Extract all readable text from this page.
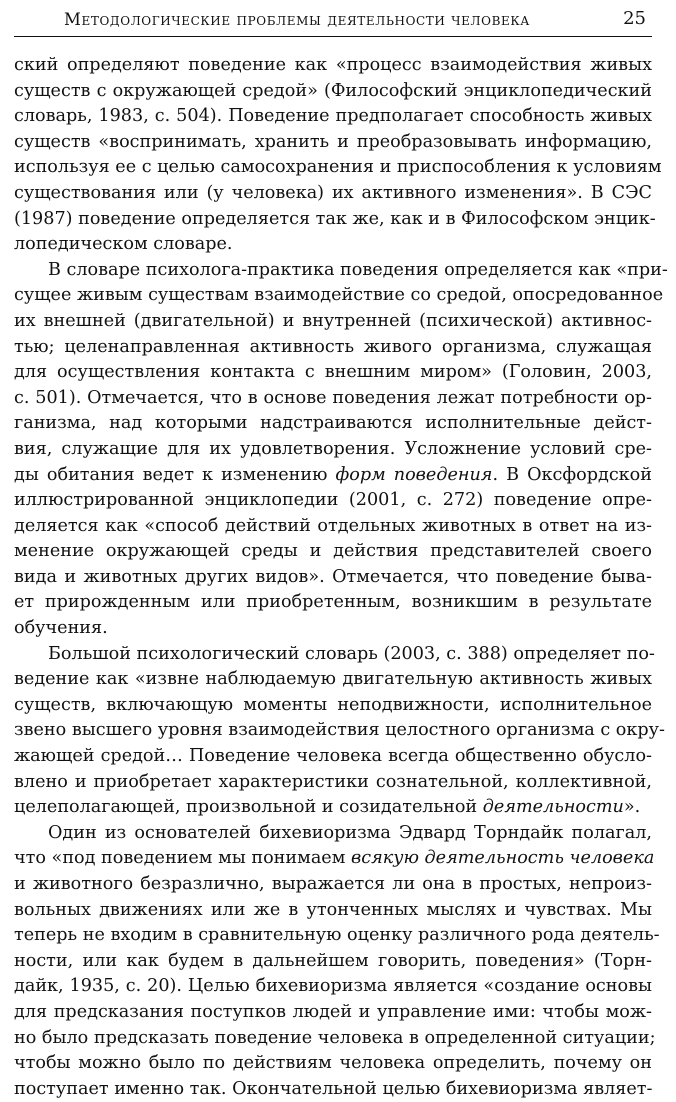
Методологические проблемы деятельности человека	25
ский определяют поведение как «процесс взаимодействия живых
существ с окружающей средой» (Философский энциклопедический
словарь, 1983, с. 504). Поведение предполагает способность живых
существ «воспринимать, хранить и преобразовывать информацию,
используя ее с целью самосохранения и приспособления к условиям
существования или (у человека) их активного изменения». В СЭС
(1987) поведение определяется так же, как и в Философском энцик-
лопедическом словаре.
В словаре психолога-практика поведения определяется как «при-
сущее живым существам взаимодействие со средой, опосредованное
их внешней (двигательной) и внутренней (психической) активнос-
тью; целенаправленная активность живого организма, служащая
для осуществления контакта с внешним миром» (Головин, 2003,
с. 501). Отмечается, что в основе поведения лежат потребности ор-
ганизма, над которыми надстраиваются исполнительные дейст-
вия, служащие для их удовлетворения. Усложнение условий сре-
ды обитания ведет к изменению форм поведения. В Оксфордской
иллюстрированной энциклопедии (2001, с. 272) поведение опре-
деляется как «способ действий отдельных животных в ответ на из-
менение окружающей среды и действия представителей своего
вида и животных других видов». Отмечается, что поведение быва-
ет прирожденным или приобретенным, возникшим в результате
обучения.
Большой психологический словарь (2003, с. 388) определяет по-
ведение как «извне наблюдаемую двигательную активность живых
существ, включающую моменты неподвижности, исполнительное
звено высшего уровня взаимодействия целостного организма с окру-
жающей средой… Поведение человека всегда общественно обусло-
влено и приобретает характеристики сознательной, коллективной,
целеполагающей, произвольной и созидательной деятельности».
Один из основателей бихевиоризма Эдвард Торндайк полагал,
что «под поведением мы понимаем всякую деятельность человека
и животного безразлично, выражается ли она в простых, непроиз-
вольных движениях или же в утонченных мыслях и чувствах. Мы
теперь не входим в сравнительную оценку различного рода деятель-
ности, или как будем в дальнейшем говорить, поведения» (Торн-
дайк, 1935, с. 20). Целью бихевиоризма является «создание основы
для предсказания поступков людей и управление ими: чтобы мож-
но было предсказать поведение человека в определенной ситуации;
чтобы можно было по действиям человека определить, почему он
поступает именно так. Окончательной целью бихевиоризма являет-
